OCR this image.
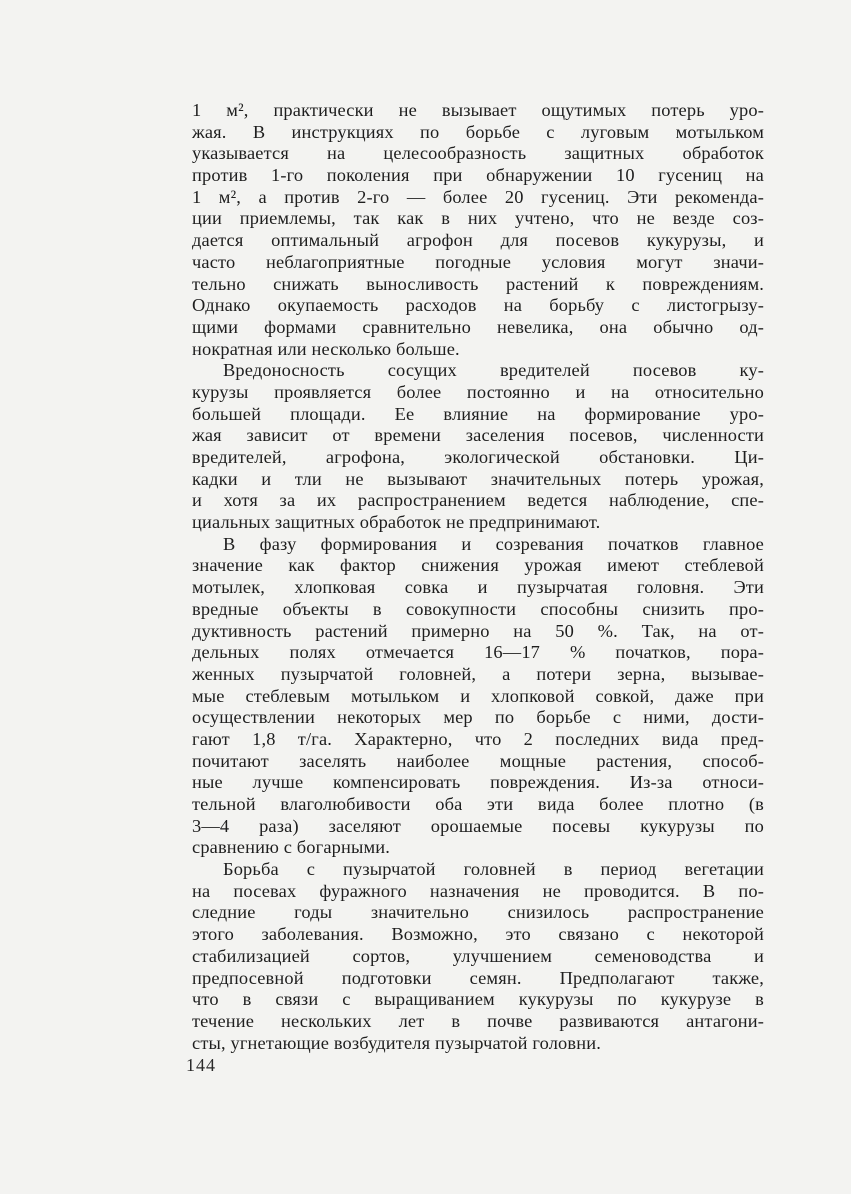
1 м², практически не вызывает ощутимых потерь уро-
жая. В инструкциях по борьбе с луговым мотыльком
указывается на целесообразность защитных обработок
против 1-го поколения при обнаружении 10 гусениц на
1 м², а против 2-го — более 20 гусениц. Эти рекоменда-
ции приемлемы, так как в них учтено, что не везде соз-
дается оптимальный агрофон для посевов кукурузы, и
часто неблагоприятные погодные условия могут значи-
тельно снижать выносливость растений к повреждениям.
Однако окупаемость расходов на борьбу с листогрызу-
щими формами сравнительно невелика, она обычно од-
нократная или несколько больше.
Вредоносность сосущих вредителей посевов ку-
курузы проявляется более постоянно и на относительно
большей площади. Ее влияние на формирование уро-
жая зависит от времени заселения посевов, численности
вредителей, агрофона, экологической обстановки. Ци-
кадки и тли не вызывают значительных потерь урожая,
и хотя за их распространением ведется наблюдение, спе-
циальных защитных обработок не предпринимают.
В фазу формирования и созревания початков главное
значение как фактор снижения урожая имеют стеблевой
мотылек, хлопковая совка и пузырчатая головня. Эти
вредные объекты в совокупности способны снизить про-
дуктивность растений примерно на 50 %. Так, на от-
дельных полях отмечается 16—17 % початков, пора-
женных пузырчатой головней, а потери зерна, вызывае-
мые стеблевым мотыльком и хлопковой совкой, даже при
осуществлении некоторых мер по борьбе с ними, дости-
гают 1,8 т/га. Характерно, что 2 последних вида пред-
почитают заселять наиболее мощные растения, способ-
ные лучше компенсировать повреждения. Из-за относи-
тельной влаголюбивости оба эти вида более плотно (в
3—4 раза) заселяют орошаемые посевы кукурузы по
сравнению с богарными.
Борьба с пузырчатой головней в период вегетации
на посевах фуражного назначения не проводится. В по-
следние годы значительно снизилось распространение
этого заболевания. Возможно, это связано с некоторой
стабилизацией сортов, улучшением семеноводства и
предпосевной подготовки семян. Предполагают также,
что в связи с выращиванием кукурузы по кукурузе в
течение нескольких лет в почве развиваются антагони-
сты, угнетающие возбудителя пузырчатой головни.
144
